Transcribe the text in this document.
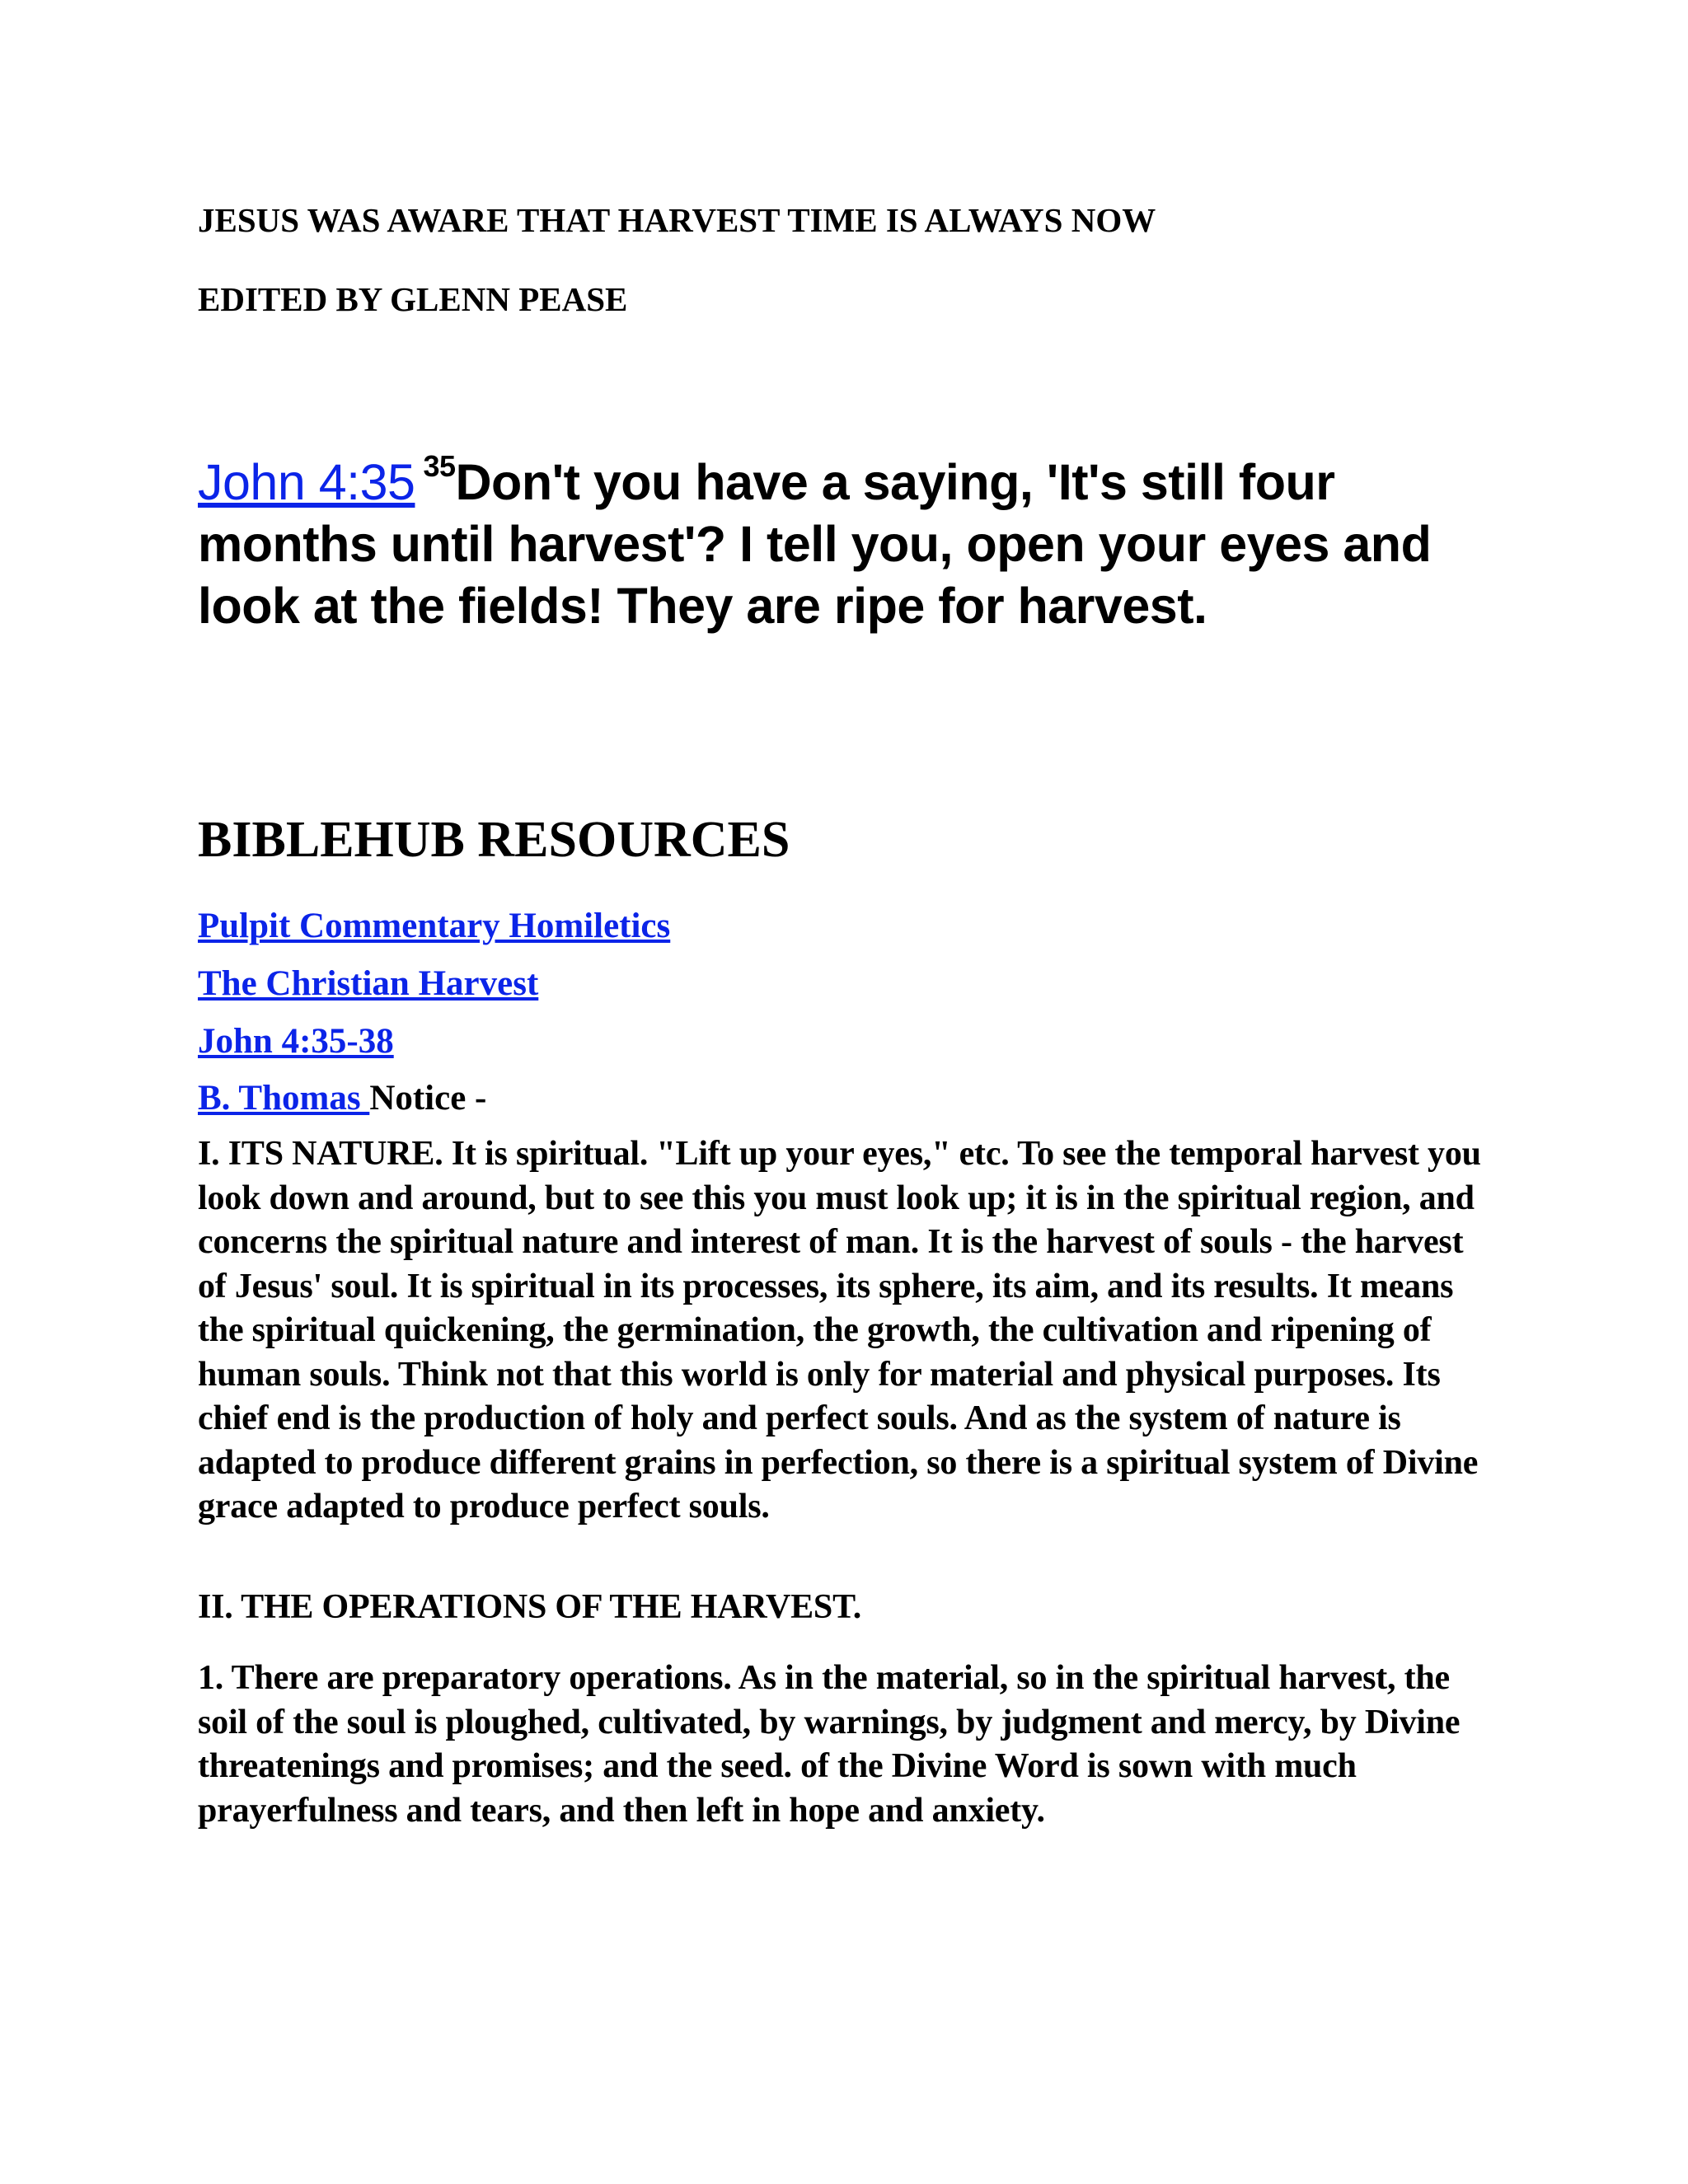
JESUS WAS AWARE THAT HARVEST TIME IS ALWAYS NOW
EDITED BY GLENN PEASE
John 4:35 $^{35}$Don't you have a saying, 'It's still four months until harvest'? I tell you, open your eyes and look at the fields! They are ripe for harvest.
BIBLEHUB RESOURCES
Pulpit Commentary Homiletics
The Christian Harvest
John 4:35-38
B. Thomas Notice -

I. ITS NATURE. It is spiritual. "Lift up your eyes," etc. To see the temporal harvest you look down and around, but to see this you must look up; it is in the spiritual region, and concerns the spiritual nature and interest of man. It is the harvest of souls - the harvest of Jesus' soul. It is spiritual in its processes, its sphere, its aim, and its results. It means the spiritual quickening, the germination, the growth, the cultivation and ripening of human souls. Think not that this world is only for material and physical purposes. Its chief end is the production of holy and perfect souls. And as the system of nature is adapted to produce different grains in perfection, so there is a spiritual system of Divine grace adapted to produce perfect souls.

II. THE OPERATIONS OF THE HARVEST.

1. There are preparatory operations. As in the material, so in the spiritual harvest, the soil of the soul is ploughed, cultivated, by warnings, by judgment and mercy, by Divine threatenings and promises; and the seed. of the Divine Word is sown with much prayerfulness and tears, and then left in hope and anxiety.
